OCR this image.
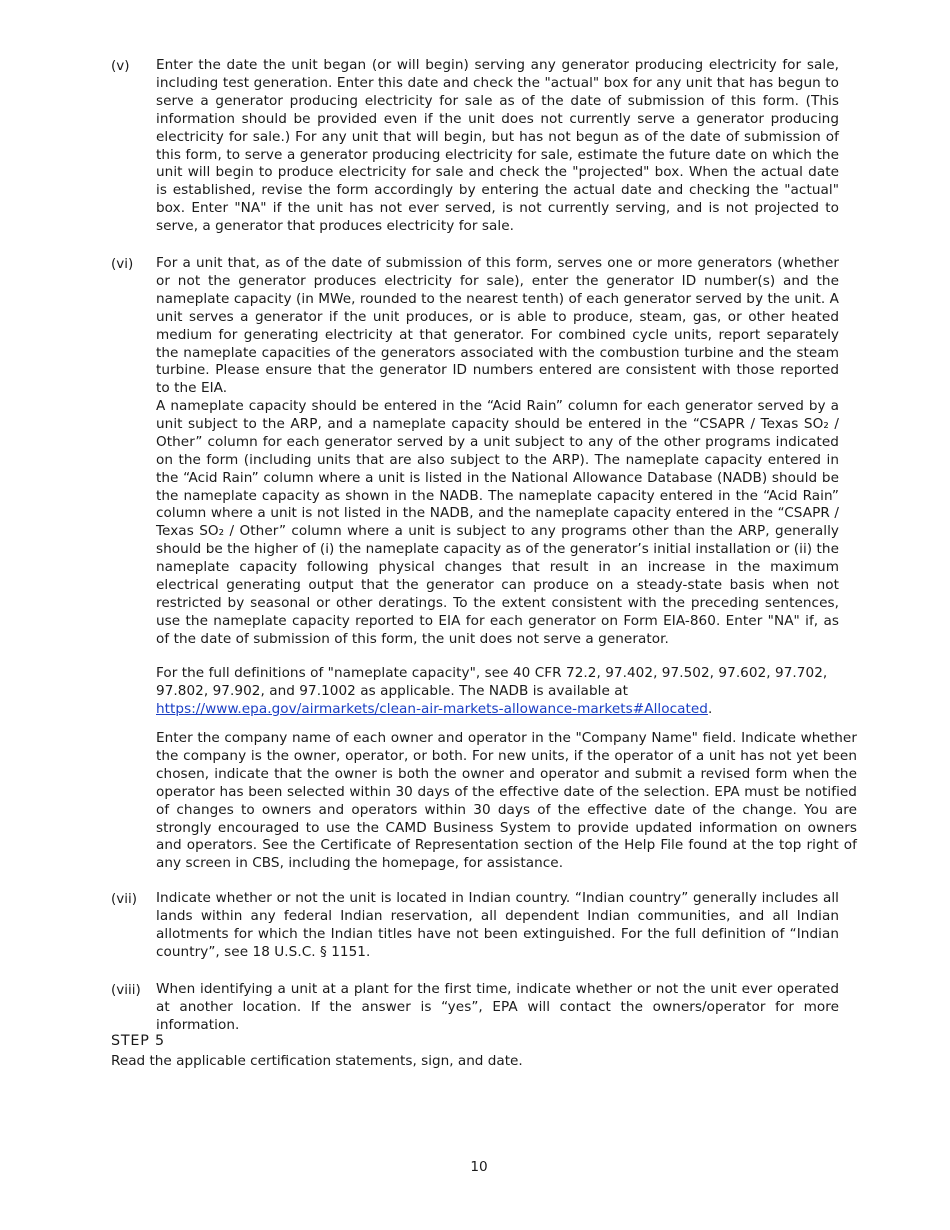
(v) Enter the date the unit began (or will begin) serving any generator producing electricity for sale, including test generation. Enter this date and check the "actual" box for any unit that has begun to serve a generator producing electricity for sale as of the date of submission of this form. (This information should be provided even if the unit does not currently serve a generator producing electricity for sale.) For any unit that will begin, but has not begun as of the date of submission of this form, to serve a generator producing electricity for sale, estimate the future date on which the unit will begin to produce electricity for sale and check the "projected" box. When the actual date is established, revise the form accordingly by entering the actual date and checking the "actual" box. Enter "NA" if the unit has not ever served, is not currently serving, and is not projected to serve, a generator that produces electricity for sale.

(vi) For a unit that, as of the date of submission of this form, serves one or more generators (whether or not the generator produces electricity for sale), enter the generator ID number(s) and the nameplate capacity (in MWe, rounded to the nearest tenth) of each generator served by the unit. A unit serves a generator if the unit produces, or is able to produce, steam, gas, or other heated medium for generating electricity at that generator. For combined cycle units, report separately the nameplate capacities of the generators associated with the combustion turbine and the steam turbine. Please ensure that the generator ID numbers entered are consistent with those reported to the EIA.

A nameplate capacity should be entered in the “Acid Rain” column for each generator served by a unit subject to the ARP, and a nameplate capacity should be entered in the “CSAPR / Texas SO₂ / Other” column for each generator served by a unit subject to any of the other programs indicated on the form (including units that are also subject to the ARP). The nameplate capacity entered in the “Acid Rain” column where a unit is listed in the National Allowance Database (NADB) should be the nameplate capacity as shown in the NADB. The nameplate capacity entered in the “Acid Rain” column where a unit is not listed in the NADB, and the nameplate capacity entered in the “CSAPR / Texas SO₂ / Other” column where a unit is subject to any programs other than the ARP, generally should be the higher of (i) the nameplate capacity as of the generator’s initial installation or (ii) the nameplate capacity following physical changes that result in an increase in the maximum electrical generating output that the generator can produce on a steady-state basis when not restricted by seasonal or other deratings. To the extent consistent with the preceding sentences, use the nameplate capacity reported to EIA for each generator on Form EIA-860. Enter "NA" if, as of the date of submission of this form, the unit does not serve a generator.

For the full definitions of "nameplate capacity", see 40 CFR 72.2, 97.402, 97.502, 97.602, 97.702, 97.802, 97.902, and 97.1002 as applicable. The NADB is available at
https://www.epa.gov/airmarkets/clean-air-markets-allowance-markets#Allocated.

Enter the company name of each owner and operator in the "Company Name" field. Indicate whether the company is the owner, operator, or both. For new units, if the operator of a unit has not yet been chosen, indicate that the owner is both the owner and operator and submit a revised form when the operator has been selected within 30 days of the effective date of the selection. EPA must be notified of changes to owners and operators within 30 days of the effective date of the change. You are strongly encouraged to use the CAMD Business System to provide updated information on owners and operators. See the Certificate of Representation section of the Help File found at the top right of any screen in CBS, including the homepage, for assistance.

(vii) Indicate whether or not the unit is located in Indian country. “Indian country” generally includes all lands within any federal Indian reservation, all dependent Indian communities, and all Indian allotments for which the Indian titles have not been extinguished. For the full definition of “Indian country”, see 18 U.S.C. § 1151.

(viii) When identifying a unit at a plant for the first time, indicate whether or not the unit ever operated at another location. If the answer is “yes”, EPA will contact the owners/operator for more information.

STEP 5
Read the applicable certification statements, sign, and date.
10
